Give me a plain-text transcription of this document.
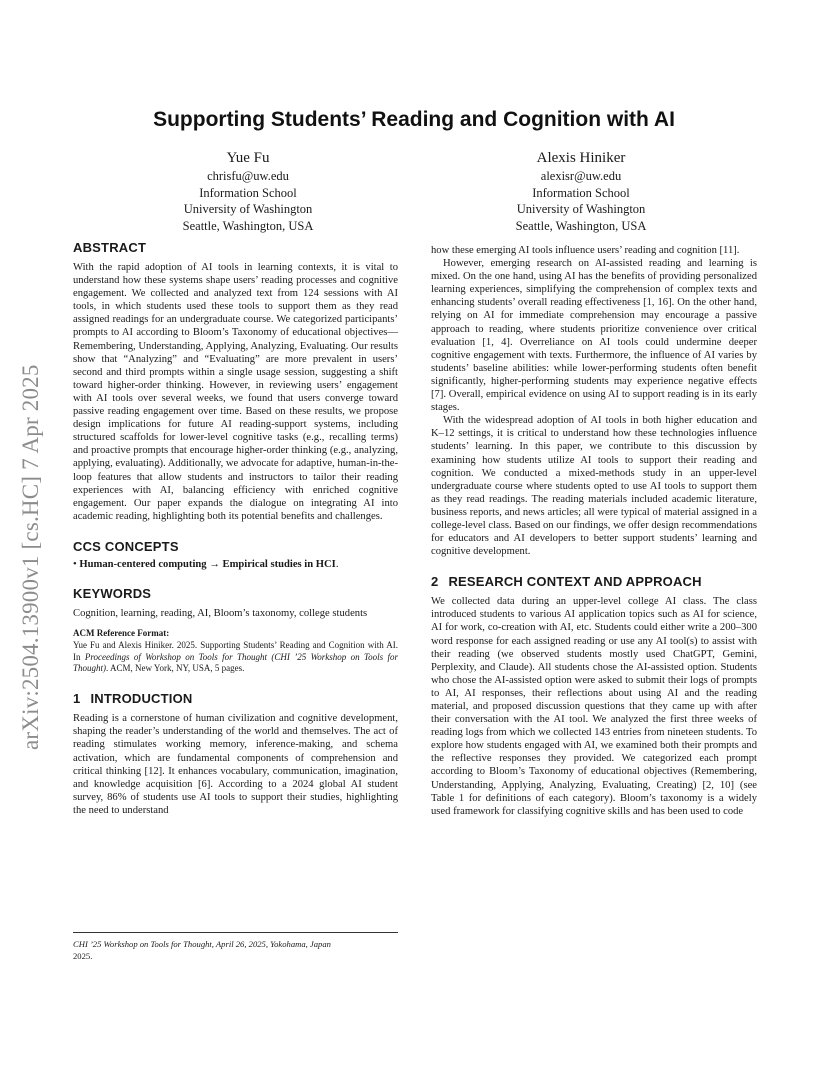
arXiv:2504.13900v1 [cs.HC] 7 Apr 2025
Supporting Students’ Reading and Cognition with AI
Yue Fu
chrisfu@uw.edu
Information School
University of Washington
Seattle, Washington, USA
Alexis Hiniker
alexisr@uw.edu
Information School
University of Washington
Seattle, Washington, USA
ABSTRACT

With the rapid adoption of AI tools in learning contexts, it is vital to understand how these systems shape users’ reading processes and cognitive engagement. We collected and analyzed text from 124 sessions with AI tools, in which students used these tools to support them as they read assigned readings for an undergraduate course. We categorized participants’ prompts to AI according to Bloom’s Taxonomy of educational objectives—Remembering, Understanding, Applying, Analyzing, Evaluating. Our results show that “Analyzing” and “Evaluating” are more prevalent in users’ second and third prompts within a single usage session, suggesting a shift toward higher-order thinking. However, in reviewing users’ engagement with AI tools over several weeks, we found that users converge toward passive reading engagement over time. Based on these results, we propose design implications for future AI reading-support systems, including structured scaffolds for lower-level cognitive tasks (e.g., recalling terms) and proactive prompts that encourage higher-order thinking (e.g., analyzing, applying, evaluating). Additionally, we advocate for adaptive, human-in-the-loop features that allow students and instructors to tailor their reading experiences with AI, balancing efficiency with enriched cognitive engagement. Our paper expands the dialogue on integrating AI into academic reading, highlighting both its potential benefits and challenges.

CCS CONCEPTS
• Human-centered computing → Empirical studies in HCI.
KEYWORDS

Cognition, learning, reading, AI, Bloom’s taxonomy, college students

ACM Reference Format:
Yue Fu and Alexis Hiniker. 2025. Supporting Students’ Reading and Cognition with AI. In Proceedings of Workshop on Tools for Thought (CHI ’25 Workshop on Tools for Thought). ACM, New York, NY, USA, 5 pages.
1 INTRODUCTION

Reading is a cornerstone of human civilization and cognitive development, shaping the reader’s understanding of the world and themselves. The act of reading stimulates working memory, inference-making, and schema activation, which are fundamental components of comprehension and critical thinking [12]. It enhances vocabulary, communication, imagination, and knowledge acquisition [6]. According to a 2024 global AI student survey, 86% of students use AI tools to support their studies, highlighting the need to understand

CHI ’25 Workshop on Tools for Thought, April 26, 2025, Yokohama, Japan
2025.

how these emerging AI tools influence users’ reading and cognition [11].

However, emerging research on AI-assisted reading and learning is mixed. On the one hand, using AI has the benefits of providing personalized learning experiences, simplifying the comprehension of complex texts and enhancing students’ overall reading effectiveness [1, 16]. On the other hand, relying on AI for immediate comprehension may encourage a passive approach to reading, where students prioritize convenience over critical evaluation [1, 4]. Overreliance on AI tools could undermine deeper cognitive engagement with texts. Furthermore, the influence of AI varies by students’ baseline abilities: while lower-performing students often benefit significantly, higher-performing students may experience negative effects [7]. Overall, empirical evidence on using AI to support reading is in its early stages.

With the widespread adoption of AI tools in both higher education and K–12 settings, it is critical to understand how these technologies influence students’ learning. In this paper, we contribute to this discussion by examining how students utilize AI tools to support their reading and cognition. We conducted a mixed-methods study in an upper-level undergraduate course where students opted to use AI tools to support them as they read readings. The reading materials included academic literature, business reports, and news articles; all were typical of material assigned in a college-level class. Based on our findings, we offer design recommendations for educators and AI developers to better support students’ learning and cognitive development.

2 RESEARCH CONTEXT AND APPROACH

We collected data during an upper-level college AI class. The class introduced students to various AI application topics such as AI for science, AI for work, co-creation with AI, etc. Students could either write a 200–300 word response for each assigned reading or use any AI tool(s) to assist with their reading (we observed students mostly used ChatGPT, Gemini, Perplexity, and Claude). All students chose the AI-assisted option. Students who chose the AI-assisted option were asked to submit their logs of prompts to AI, AI responses, their reflections about using AI and the reading material, and proposed discussion questions that they came up with after their conversation with the AI tool. We analyzed the first three weeks of reading logs from which we collected 143 entries from nineteen students. To explore how students engaged with AI, we examined both their prompts and the reflective responses they provided. We categorized each prompt according to Bloom’s Taxonomy of educational objectives (Remembering, Understanding, Applying, Analyzing, Evaluating, Creating) [2, 10] (see Table 1 for definitions of each category). Bloom’s taxonomy is a widely used framework for classifying cognitive skills and has been used to code
